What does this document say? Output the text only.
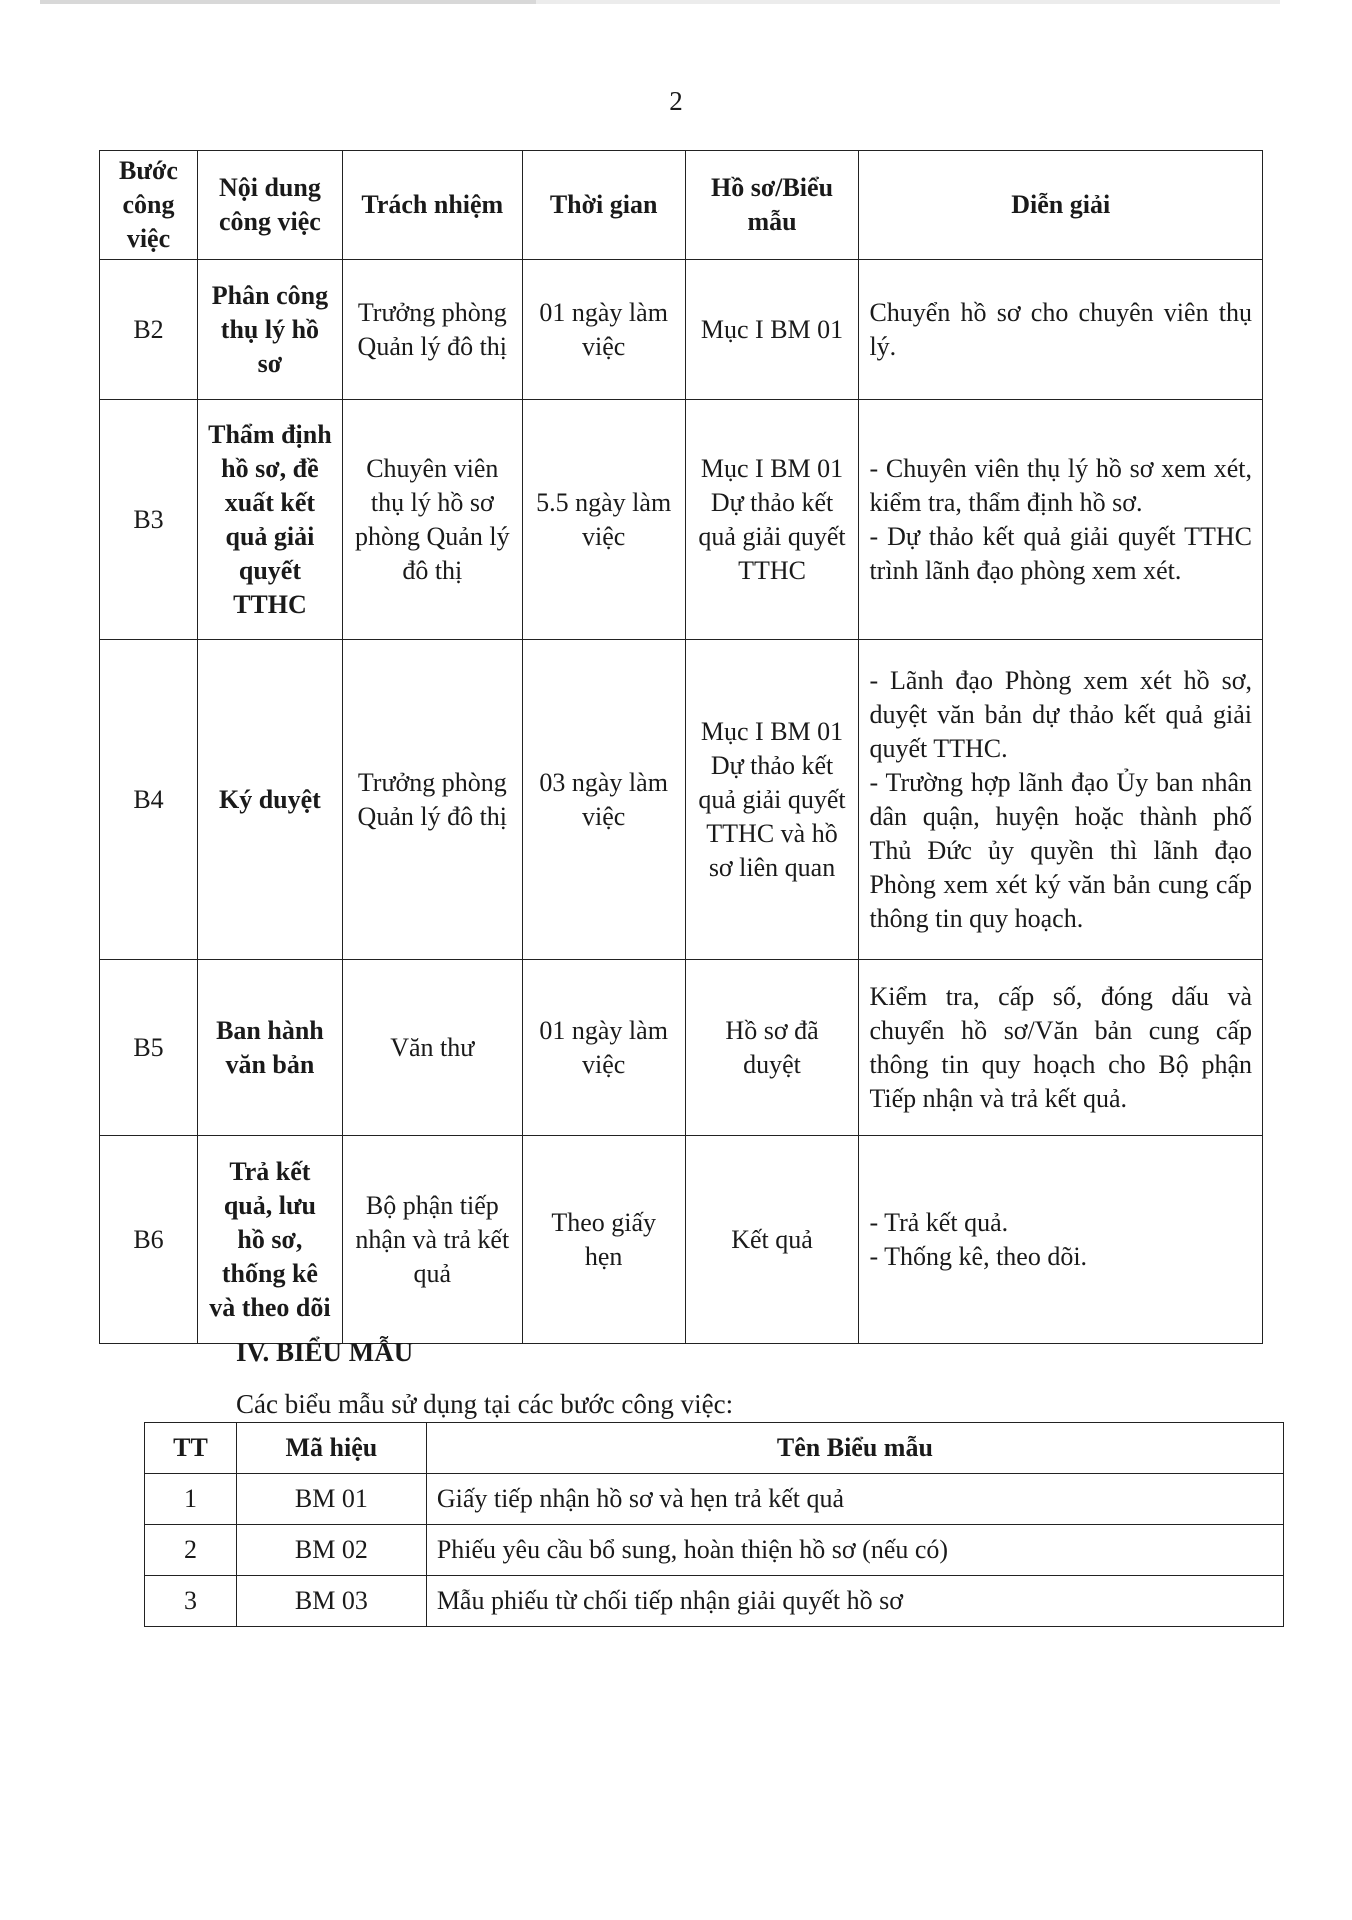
2
Bước công việc	Nội dung công việc	Trách nhiệm	Thời gian	Hồ sơ/Biểu mẫu	Diễn giải
B2	Phân công thụ lý hồ sơ	Trưởng phòng Quản lý đô thị	01 ngày làm việc	Mục I BM 01	Chuyển hồ sơ cho chuyên viên thụ lý.

B3	Thẩm định hồ sơ, đề xuất kết quả giải quyết TTHC	Chuyên viên thụ lý hồ sơ phòng Quản lý đô thị	5.5 ngày làm việc	Mục I BM 01 Dự thảo kết quả giải quyết TTHC	- Chuyên viên thụ lý hồ sơ xem xét, kiểm tra, thẩm định hồ sơ.
- Dự thảo kết quả giải quyết TTHC trình lãnh đạo phòng xem xét.

B4	Ký duyệt	Trưởng phòng Quản lý đô thị	03 ngày làm việc	Mục I BM 01 Dự thảo kết quả giải quyết TTHC và hồ sơ liên quan	- Lãnh đạo Phòng xem xét hồ sơ, duyệt văn bản dự thảo kết quả giải quyết TTHC.
- Trường hợp lãnh đạo Ủy ban nhân dân quận, huyện hoặc thành phố Thủ Đức ủy quyền thì lãnh đạo Phòng xem xét ký văn bản cung cấp thông tin quy hoạch.

B5	Ban hành văn bản	Văn thư	01 ngày làm việc	Hồ sơ đã duyệt	Kiểm tra, cấp số, đóng dấu và chuyển hồ sơ/Văn bản cung cấp thông tin quy hoạch cho Bộ phận Tiếp nhận và trả kết quả.

B6	Trả kết quả, lưu hồ sơ, thống kê và theo dõi	Bộ phận tiếp nhận và trả kết quả	Theo giấy hẹn	Kết quả	- Trả kết quả.
- Thống kê, theo dõi.
IV. BIỂU MẪU
Các biểu mẫu sử dụng tại các bước công việc:
TT	Mã hiệu	Tên Biểu mẫu
1	BM 01	Giấy tiếp nhận hồ sơ và hẹn trả kết quả
2	BM 02	Phiếu yêu cầu bổ sung, hoàn thiện hồ sơ (nếu có)
3	BM 03	Mẫu phiếu từ chối tiếp nhận giải quyết hồ sơ
